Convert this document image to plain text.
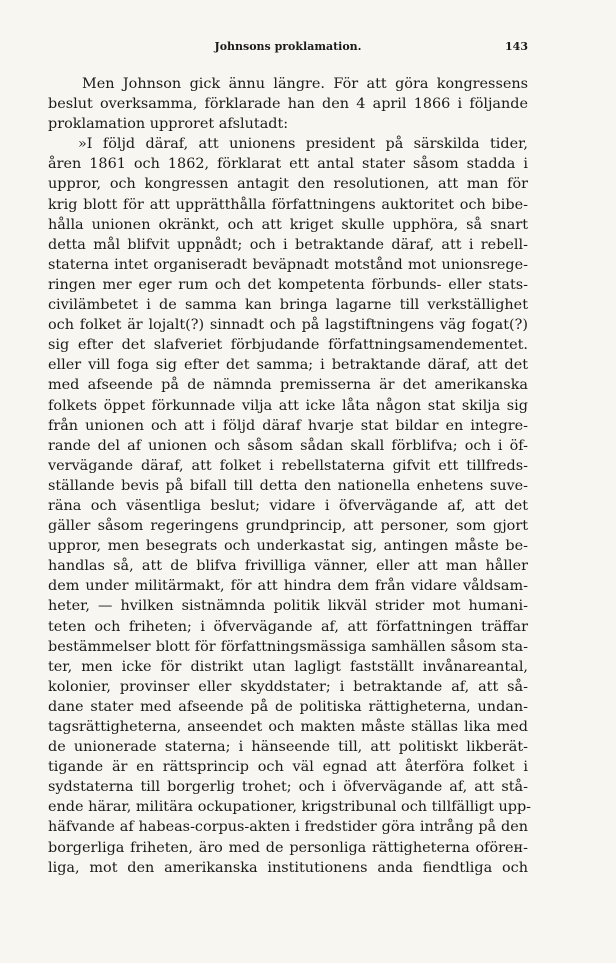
Johnsons proklamation.	143
Men Johnson gick ännu längre. För att göra kongressens
beslut overksamma, förklarade han den 4 april 1866 i följande
proklamation upproret afslutadt:
»I följd däraf, att unionens president på särskilda tider,
åren 1861 och 1862, förklarat ett antal stater såsom stadda i
uppror, och kongressen antagit den resolutionen, att man för
krig blott för att upprätthålla författningens auktoritet och bibe-
hålla unionen okränkt, och att kriget skulle upphöra, så snart
detta mål blifvit uppnådt; och i betraktande däraf, att i rebell-
staterna intet organiseradt beväpnadt motstånd mot unionsrege-
ringen mer eger rum och det kompetenta förbunds- eller stats-
civilämbetet i de samma kan bringa lagarne till verkställighet
och folket är lojalt(?) sinnadt och på lagstiftningens väg fogat(?)
sig efter det slafveriet förbjudande författningsamendementet.
eller vill foga sig efter det samma; i betraktande däraf, att det
med afseende på de nämnda premisserna är det amerikanska
folkets öppet förkunnade vilja att icke låta någon stat skilja sig
från unionen och att i följd däraf hvarje stat bildar en integre-
rande del af unionen och såsom sådan skall förblifva; och i öf-
vervägande däraf, att folket i rebellstaterna gifvit ett tillfreds-
ställande bevis på bifall till detta den nationella enhetens suve-
räna och väsentliga beslut; vidare i öfvervägande af, att det
gäller såsom regeringens grundprincip, att personer, som gjort
uppror, men besegrats och underkastat sig, antingen måste be-
handlas så, att de blifva frivilliga vänner, eller att man håller
dem under militärmakt, för att hindra dem från vidare våldsam-
heter, — hvilken sistnämnda politik likväl strider mot humani-
teten och friheten; i öfvervägande af, att författningen träffar
bestämmelser blott för författningsmässiga samhällen såsom sta-
ter, men icke för distrikt utan lagligt fastställt invånareantal,
kolonier, provinser eller skyddstater; i betraktande af, att så-
dane stater med afseende på de politiska rättigheterna, undan-
tagsrättigheterna, anseendet och makten måste ställas lika med
de unionerade staterna; i hänseende till, att politiskt likberät-
tigande är en rättsprincip och väl egnad att återföra folket i
sydstaterna till borgerlig trohet; och i öfvervägande af, att stå-
ende härar, militära ockupationer, krigstribunal och tillfälligt upp-
häfvande af habeas-corpus-akten i fredstider göra intrång på den
borgerliga friheten, äro med de personliga rättigheterna oförен-
liga, mot den amerikanska institutionens anda fiendtliga och
